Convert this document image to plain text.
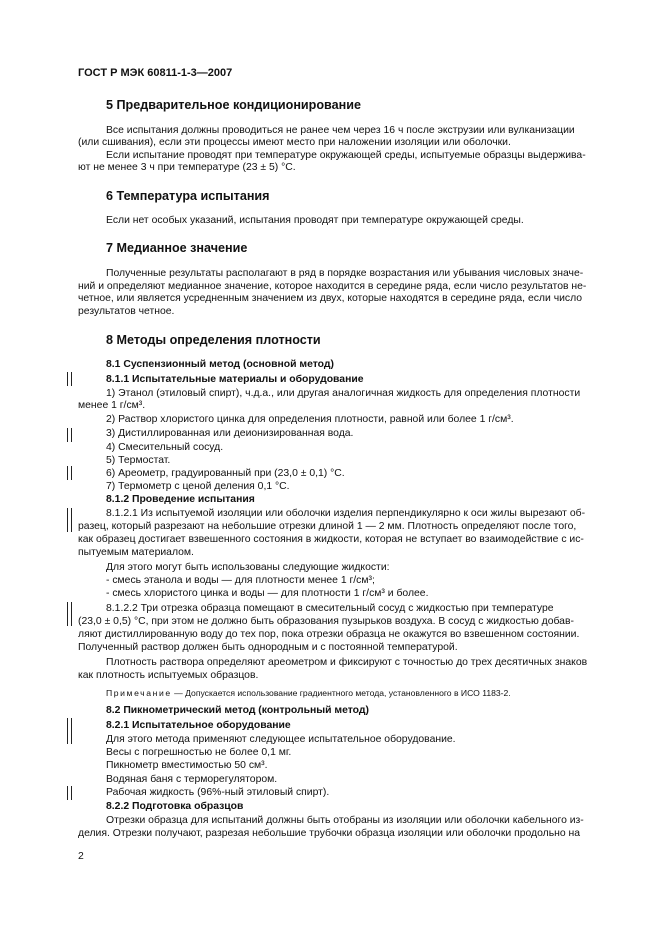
ГОСТ Р МЭК 60811-1-3—2007
5 Предварительное кондиционирование
Все испытания должны проводиться не ранее чем через 16 ч после экструзии или вулканизации
(или сшивания), если эти процессы имеют место при наложении изоляции или оболочки.
Если испытание проводят при температуре окружающей среды, испытуемые образцы выдержива-
ют не менее 3 ч при температуре (23 ± 5) °С.
6 Температура испытания
Если нет особых указаний, испытания проводят при температуре окружающей среды.
7 Медианное значение
Полученные результаты располагают в ряд в порядке возрастания или убывания числовых значе-
ний и определяют медианное значение, которое находится в середине ряда, если число результатов не-
четное, или является усредненным значением из двух, которые находятся в середине ряда, если число
результатов четное.
8 Методы определения плотности
8.1 Суспензионный метод (основной метод)
8.1.1 Испытательные материалы и оборудование
1) Этанол (этиловый спирт), ч.д.а., или другая аналогичная жидкость для определения плотности
менее 1 г/см³.
2) Раствор хлористого цинка для определения плотности, равной или более 1 г/см³.
3) Дистиллированная или деионизированная вода.
4) Смесительный сосуд.
5) Термостат.
6) Ареометр, градуированный при (23,0 ± 0,1) °С.
7) Термометр с ценой деления 0,1 °С.
8.1.2 Проведение испытания
8.1.2.1 Из испытуемой изоляции или оболочки изделия перпендикулярно к оси жилы вырезают об-
разец, который разрезают на небольшие отрезки длиной 1 — 2 мм. Плотность определяют после того,
как образец достигает взвешенного состояния в жидкости, которая не вступает во взаимодействие с ис-
пытуемым материалом.
Для этого могут быть использованы следующие жидкости:
- смесь этанола и воды — для плотности менее 1 г/см³;
- смесь хлористого цинка и воды — для плотности 1 г/см³ и более.
8.1.2.2 Три отрезка образца помещают в смесительный сосуд с жидкостью при температуре
(23,0 ± 0,5) °С, при этом не должно быть образования пузырьков воздуха. В сосуд с жидкостью добав-
ляют дистиллированную воду до тех пор, пока отрезки образца не окажутся во взвешенном состоянии.
Полученный раствор должен быть однородным и с постоянной температурой.
Плотность раствора определяют ареометром и фиксируют с точностью до трех десятичных знаков
как плотность испытуемых образцов.
Примечание — Допускается использование градиентного метода, установленного в ИСО 1183-2.
8.2 Пикнометрический метод (контрольный метод)
8.2.1 Испытательное оборудование
Для этого метода применяют следующее испытательное оборудование.
Весы с погрешностью не более 0,1 мг.
Пикнометр вместимостью 50 см³.
Водяная баня с терморегулятором.
Рабочая жидкость (96%-ный этиловый спирт).
8.2.2 Подготовка образцов
Отрезки образца для испытаний должны быть отобраны из изоляции или оболочки кабельного из-
делия. Отрезки получают, разрезая небольшие трубочки образца изоляции или оболочки продольно на
2
